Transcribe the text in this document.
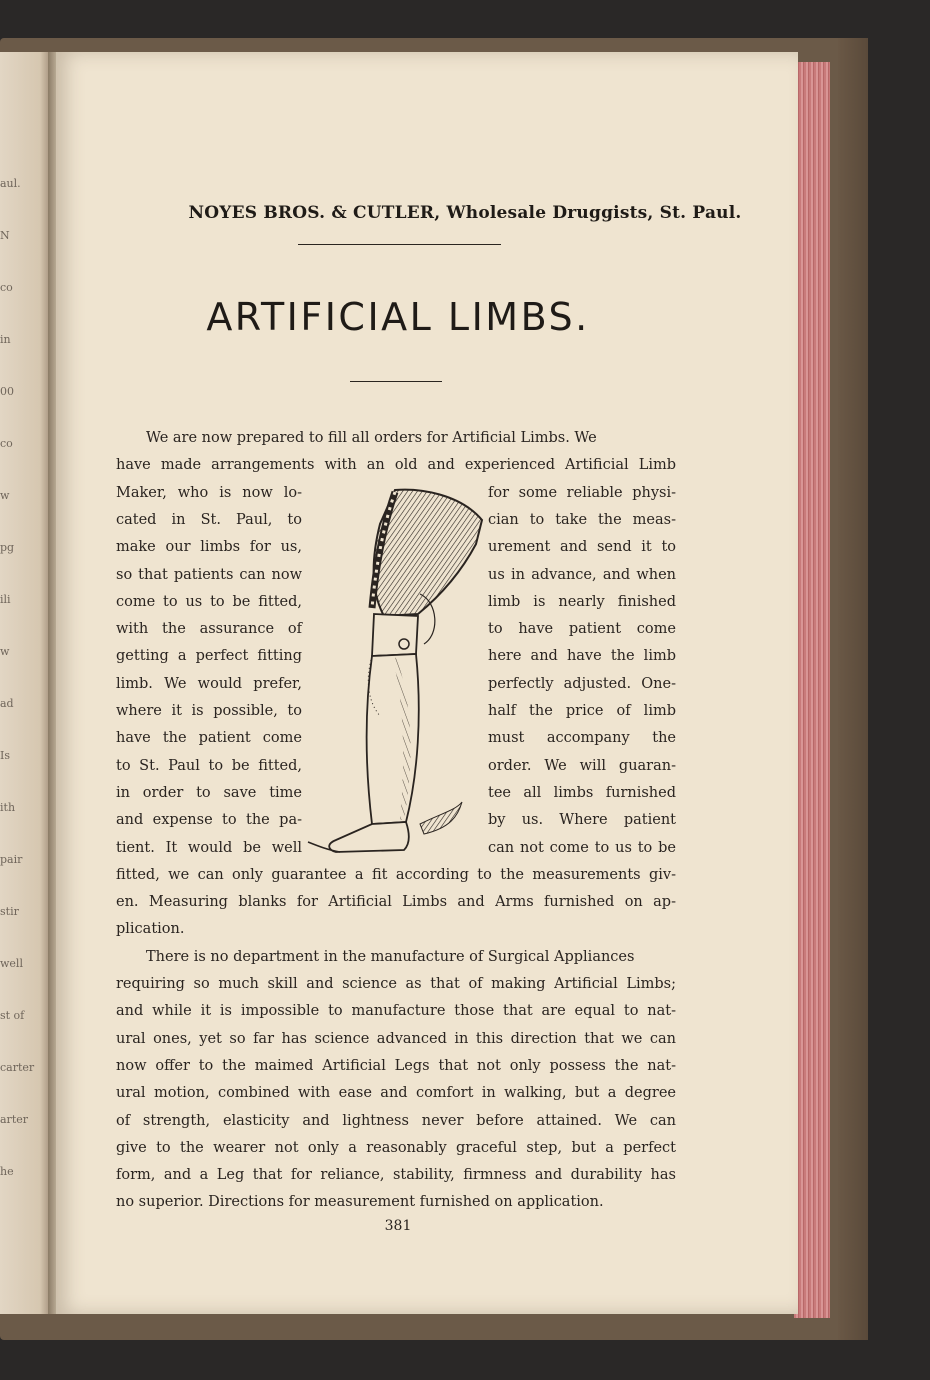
aul.
N
co
in
00
co
w
pg
ili
w
ad
Is
ith
pair
stir
well
st of
carter
arter
he
NOYES BROS. & CUTLER, Wholesale Druggists, St. Paul.
ARTIFICIAL LIMBS.
We are now prepared to fill all orders for Artificial Limbs. We
have made arrangements with an old and experienced Artificial Limb
Maker, who is now lo-
cated in St. Paul, to
make our limbs for us,
so that patients can now
come to us to be fitted,
with the assurance of
getting a perfect fitting
limb. We would prefer,
where it is possible, to
have the patient come
to St. Paul to be fitted,
in order to save time
and expense to the pa-
tient. It would be well
for some reliable physi-
cian to take the meas-
urement and send it to
us in advance, and when
limb is nearly finished
to have patient come
here and have the limb
perfectly adjusted. One-
half the price of limb
must accompany the
order. We will guaran-
tee all limbs furnished
by us. Where patient
can not come to us to be
fitted, we can only guarantee a fit according to the measurements giv-
en. Measuring blanks for Artificial Limbs and Arms furnished on ap-
plication.
There is no department in the manufacture of Surgical Appliances
requiring so much skill and science as that of making Artificial Limbs;
and while it is impossible to manufacture those that are equal to nat-
ural ones, yet so far has science advanced in this direction that we can
now offer to the maimed Artificial Legs that not only possess the nat-
ural motion, combined with ease and comfort in walking, but a degree
of strength, elasticity and lightness never before attained. We can
give to the wearer not only a reasonably graceful step, but a perfect
form, and a Leg that for reliance, stability, firmness and durability has
no superior. Directions for measurement furnished on application.
381
